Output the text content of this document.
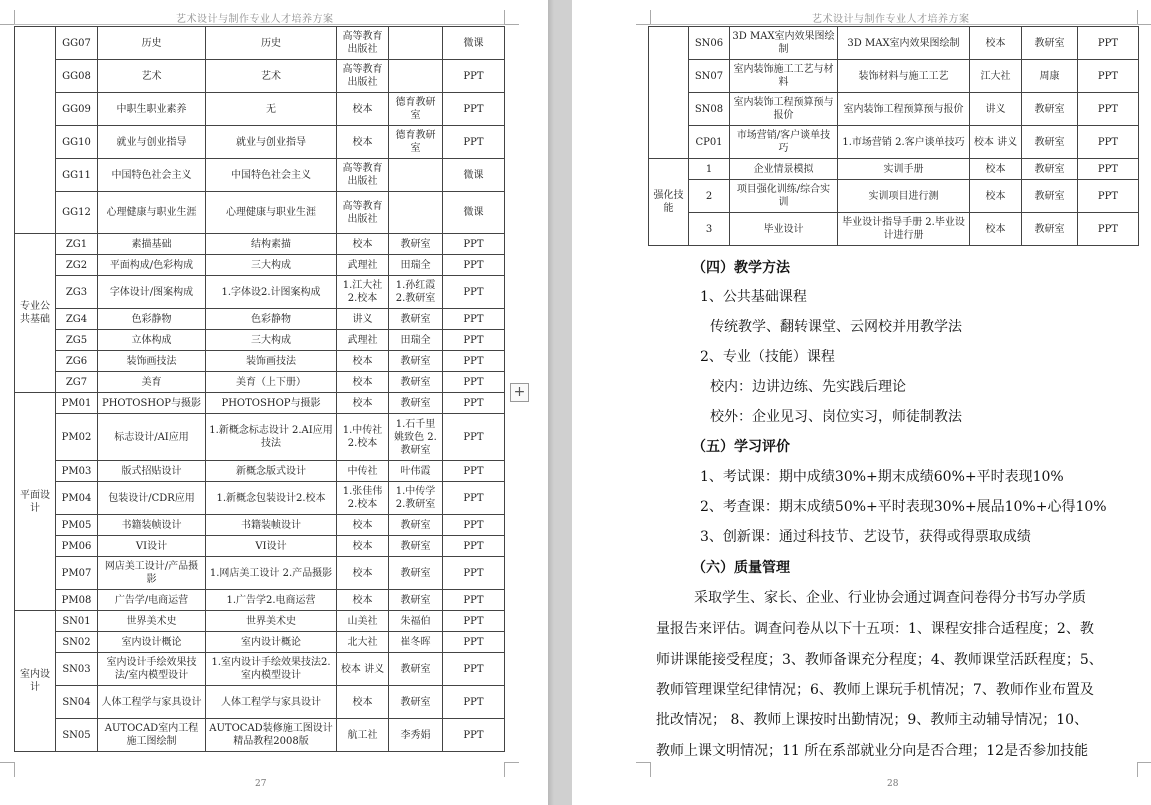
艺术设计与制作专业人才培养方案
	GG07	历史	历史	高等教育出版社		微课
	GG08	艺术	艺术	高等教育出版社		PPT
	GG09	中职生职业素养	无	校本	德育教研室	PPT
	GG10	就业与创业指导	就业与创业指导	校本	德育教研室	PPT
	GG11	中国特色社会主义	中国特色社会主义	高等教育出版社		微课
	GG12	心理健康与职业生涯	心理健康与职业生涯	高等教育出版社		微课
专业公共基础	ZG1	素描基础	结构素描	校本	教研室	PPT
	ZG2	平面构成/色彩构成	三大构成	武理社	田瑞全	PPT
	ZG3	字体设计/图案构成	1.字体设2.计图案构成	1.江大社 2.校本	1.孙红霞 2.教研室	PPT
	ZG4	色彩静物	色彩静物	讲义	教研室	PPT
	ZG5	立体构成	三大构成	武理社	田瑞全	PPT
	ZG6	装饰画技法	装饰画技法	校本	教研室	PPT
	ZG7	美育	美育（上下册）	校本	教研室	PPT
平面设计	PM01	PHOTOSHOP与摄影	PHOTOSHOP与摄影	校本	教研室	PPT
	PM02	标志设计/AI应用	1.新概念标志设计 2.AI应用技法	1.中传社 2.校本	1.石千里 姚致色 2.教研室	PPT
	PM03	版式招贴设计	新概念版式设计	中传社	叶伟霞	PPT
	PM04	包装设计/CDR应用	1.新概念包装设计2.校本	1.张佳伟 2.校本	1.中传学 2.教研室	PPT
	PM05	书籍装帧设计	书籍装帧设计	校本	教研室	PPT
	PM06	VI设计	VI设计	校本	教研室	PPT
	PM07	网店美工设计/产品摄影	1.网店美工设计 2.产品摄影	校本	教研室	PPT
	PM08	广告学/电商运营	1.广告学2.电商运营	校本	教研室	PPT
室内设计	SN01	世界美术史	世界美术史	山美社	朱福伯	PPT
	SN02	室内设计概论	室内设计概论	北大社	崔冬晖	PPT
	SN03	室内设计手绘效果技法/室内模型设计	1.室内设计手绘效果技法2.室内模型设计	校本 讲义	教研室	PPT
	SN04	人体工程学与家具设计	人体工程学与家具设计	校本	教研室	PPT
	SN05	AUTOCAD室内工程施工图绘制	AUTOCAD装修施工图设计精品教程2008版	航工社	李秀娟	PPT
27
+
艺术设计与制作专业人才培养方案
	SN06	3D MAX室内效果图绘制	3D MAX室内效果图绘制	校本	教研室	PPT
	SN07	室内装饰施工工艺与材料	装饰材料与施工工艺	江大社	周康	PPT
	SN08	室内装饰工程预算预与报价	室内装饰工程预算预与报价	讲义	教研室	PPT
	CP01	市场营销/客户谈单技巧	1.市场营销 2.客户谈单技巧	校本 讲义	教研室	PPT
强化技能	1	企业情景模拟	实训手册	校本	教研室	PPT
	2	项目强化训练/综合实训	实训项目进行测	校本	教研室	PPT
	3	毕业设计	毕业设计指导手册 2.毕业设计进行册	校本	教研室	PPT
28
（四）教学方法
1、公共基础课程
传统教学、翻转课堂、云网校并用教学法
2、专业（技能）课程
校内：边讲边练、先实践后理论
校外：企业见习、岗位实习，师徒制教法
（五）学习评价
1、考试课：期中成绩30%+期末成绩60%+平时表现10%
2、考查课：期末成绩50%+平时表现30%+展品10%+心得10%
3、创新课：通过科技节、艺设节，获得或得票取成绩
（六）质量管理
采取学生、家长、企业、行业协会通过调查问卷得分书写办学质
量报告来评估。调查问卷从以下十五项：1、课程安排合适程度；2、教
师讲课能接受程度；3、教师备课充分程度；4、教师课堂活跃程度；5、
教师管理课堂纪律情况；6、教师上课玩手机情况；7、教师作业布置及
批改情况； 8、教师上课按时出勤情况；9、教师主动辅导情况；10、
教师上课文明情况；11 所在系部就业分向是否合理；12是否参加技能
